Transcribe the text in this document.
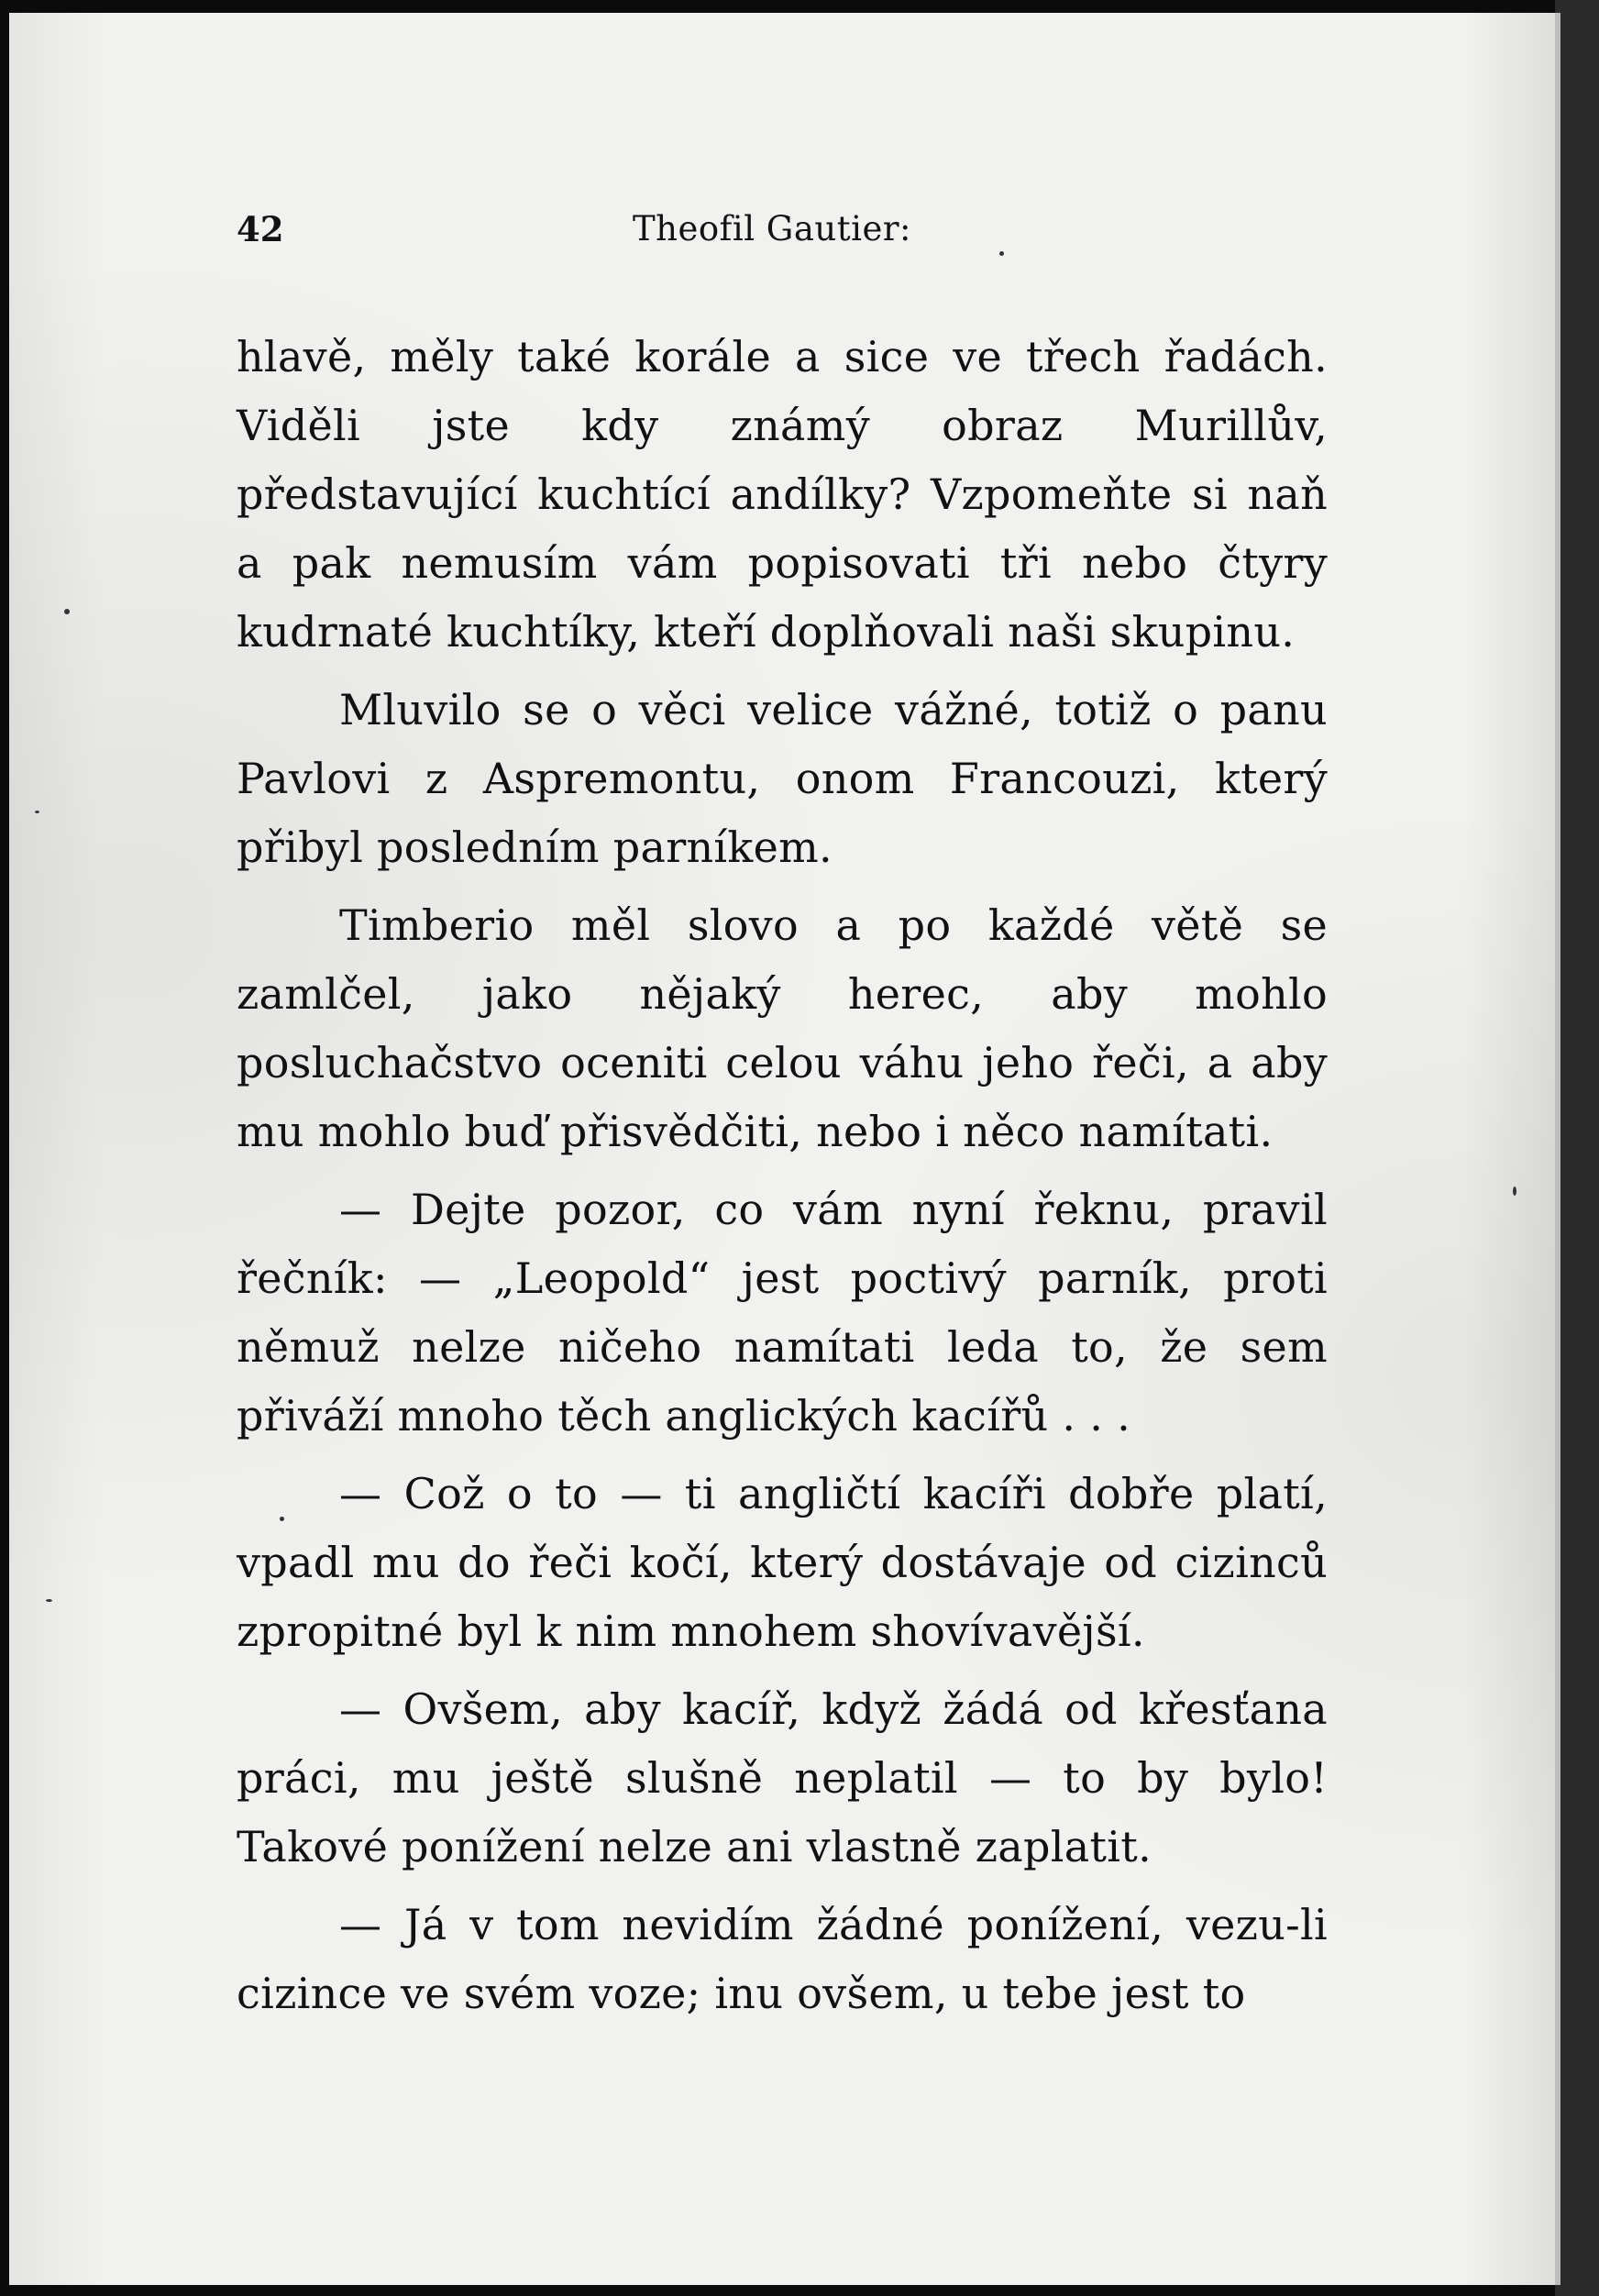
42	Theofil Gautier:

hlavě, měly také korále a sice ve třech řadách. Viděli jste kdy známý obraz Murillův, představující kuchtící andílky? Vzpomeňte si naň a pak nemusím vám popisovati tři nebo čtyry kudrnaté kuchtíky, kteří doplňovali naši skupinu.

Mluvilo se o věci velice vážné, totiž o panu Pavlovi z Aspremontu, onom Francouzi, který přibyl posledním parníkem.

Timberio měl slovo a po každé větě se zamlčel, jako nějaký herec, aby mohlo posluchačstvo oceniti celou váhu jeho řeči, a aby mu mohlo buď přisvědčiti, nebo i něco namítati.

— Dejte pozor, co vám nyní řeknu, pravil řečník: — „Leopold“ jest poctivý parník, proti němuž nelze ničeho namítati leda to, že sem přiváží mnoho těch anglických kacířů . . .

— Což o to — ti angličtí kacíři dobře platí, vpadl mu do řeči kočí, který dostávaje od cizinců zpropitné byl k nim mnohem shovívavější.

— Ovšem, aby kacíř, když žádá od křesťana práci, mu ještě slušně neplatil — to by bylo! Takové ponížení nelze ani vlastně zaplatit.

— Já v tom nevidím žádné ponížení, vezu-li cizince ve svém voze; inu ovšem, u tebe jest to
